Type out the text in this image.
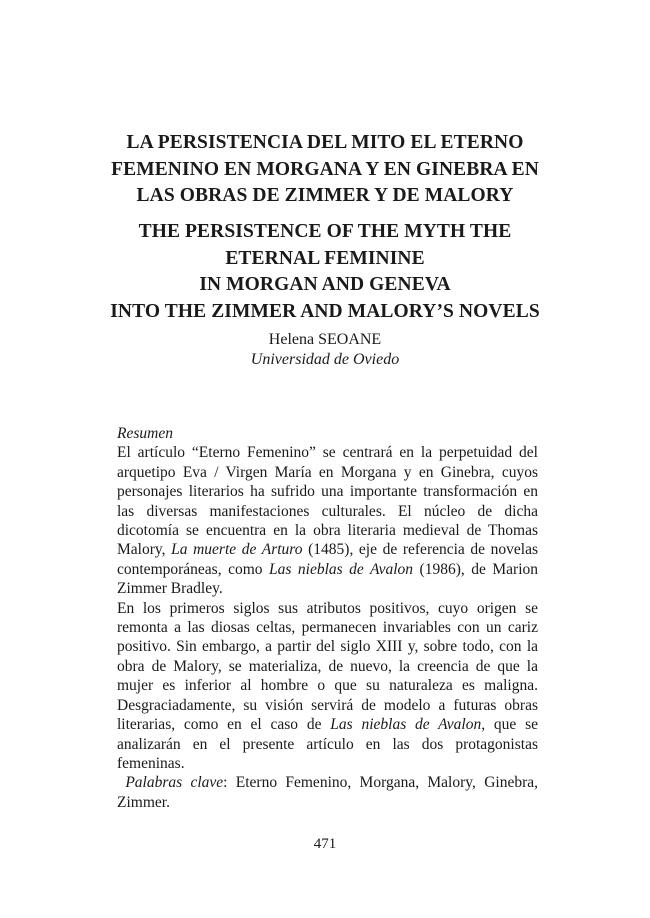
LA PERSISTENCIA DEL MITO EL ETERNO
FEMENINO EN MORGANA Y EN GINEBRA EN
LAS OBRAS DE ZIMMER Y DE MALORY
THE PERSISTENCE OF THE MYTH THE
ETERNAL FEMININE
IN MORGAN AND GENEVA
INTO THE ZIMMER AND MALORY’S NOVELS
Helena SEOANE
Universidad de Oviedo
Resumen

El artículo “Eterno Femenino” se centrará en la perpetuidad del arquetipo Eva / Virgen María en Morgana y en Ginebra, cuyos personajes literarios ha sufrido una importante transformación en las diversas manifestaciones culturales. El núcleo de dicha dicotomía se encuentra en la obra literaria medieval de Thomas Malory, La muerte de Arturo (1485), eje de referencia de novelas contemporáneas, como Las nieblas de Avalon (1986), de Marion Zimmer Bradley.

En los primeros siglos sus atributos positivos, cuyo origen se remonta a las diosas celtas, permanecen invariables con un cariz positivo. Sin embargo, a partir del siglo XIII y, sobre todo, con la obra de Malory, se materializa, de nuevo, la creencia de que la mujer es inferior al hombre o que su naturaleza es maligna. Desgraciadamente, su visión servirá de modelo a futuras obras literarias, como en el caso de Las nieblas de Avalon, que se analizarán en el presente artículo en las dos protagonistas femeninas.

Palabras clave: Eterno Femenino, Morgana, Malory, Ginebra, Zimmer.

471
